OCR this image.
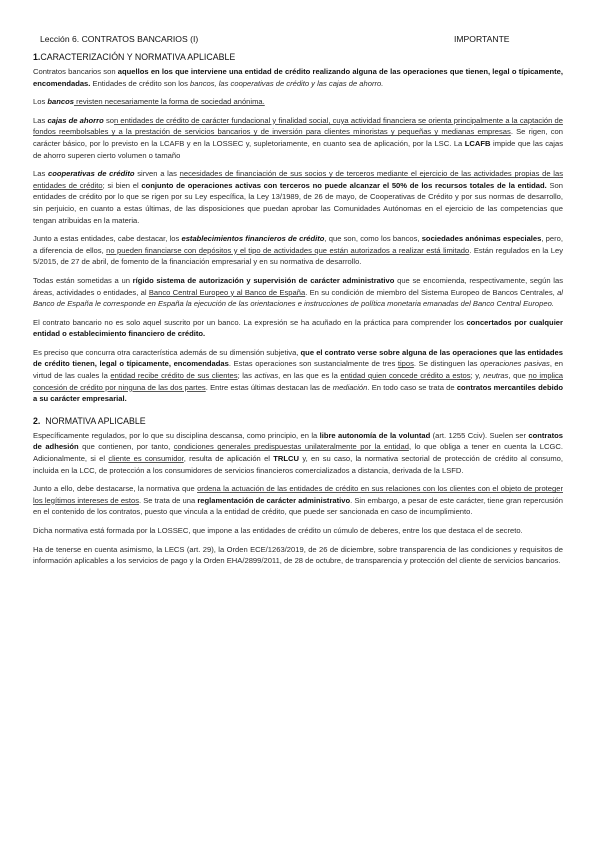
Lección 6. CONTRATOS BANCARIOS (I)	IMPORTANTE
1.CARACTERIZACIÓN Y NORMATIVA APLICABLE

Contratos bancarios son aquellos en los que interviene una entidad de crédito realizando alguna de las operaciones que tienen, legal o típicamente, encomendadas. Entidades de crédito son los bancos, las cooperativas de crédito y las cajas de ahorro.

Los bancos revisten necesariamente la forma de sociedad anónima.

Las cajas de ahorro son entidades de crédito de carácter fundacional y finalidad social, cuya actividad financiera se orienta principalmente a la captación de fondos reembolsables y a la prestación de servicios bancarios y de inversión para clientes minoristas y pequeñas y medianas empresas. Se rigen, con carácter básico, por lo previsto en la LCAFB y en la LOSSEC y, supletoriamente, en cuanto sea de aplicación, por la LSC. La LCAFB impide que las cajas de ahorro superen cierto volumen o tamaño

Las cooperativas de crédito sirven a las necesidades de financiación de sus socios y de terceros mediante el ejercicio de las actividades propias de las entidades de crédito; si bien el conjunto de operaciones activas con terceros no puede alcanzar el 50% de los recursos totales de la entidad. Son entidades de crédito por lo que se rigen por su Ley específica, la Ley 13/1989, de 26 de mayo, de Cooperativas de Crédito y por sus normas de desarrollo, sin perjuicio, en cuanto a estas últimas, de las disposiciones que puedan aprobar las Comunidades Autónomas en el ejercicio de las competencias que tengan atribuidas en la materia.

Junto a estas entidades, cabe destacar, los establecimientos financieros de crédito, que son, como los bancos, sociedades anónimas especiales, pero, a diferencia de ellos, no pueden financiarse con depósitos y el tipo de actividades que están autorizados a realizar está limitado. Están regulados en la Ley 5/2015, de 27 de abril, de fomento de la financiación empresarial y en su normativa de desarrollo.

Todas están sometidas a un rígido sistema de autorización y supervisión de carácter administrativo que se encomienda, respectivamente, según las áreas, actividades o entidades, al Banco Central Europeo y al Banco de España. En su condición de miembro del Sistema Europeo de Bancos Centrales, al Banco de España le corresponde en España la ejecución de las orientaciones e instrucciones de política monetaria emanadas del Banco Central Europeo.

El contrato bancario no es solo aquel suscrito por un banco. La expresión se ha acuñado en la práctica para comprender los concertados por cualquier entidad o establecimiento financiero de crédito.

Es preciso que concurra otra característica además de su dimensión subjetiva, que el contrato verse sobre alguna de las operaciones que las entidades de crédito tienen, legal o típicamente, encomendadas. Estas operaciones son sustancialmente de tres tipos. Se distinguen las operaciones pasivas, en virtud de las cuales la entidad recibe crédito de sus clientes; las activas, en las que es la entidad quien concede crédito a estos; y, neutras, que no implica concesión de crédito por ninguna de las dos partes. Entre estas últimas destacan las de mediación. En todo caso se trata de contratos mercantiles debido a su carácter empresarial.

2. NORMATIVA APLICABLE

Específicamente regulados, por lo que su disciplina descansa, como principio, en la libre autonomía de la voluntad (art. 1255 Cciv). Suelen ser contratos de adhesión que contienen, por tanto, condiciones generales predispuestas unilateralmente por la entidad, lo que obliga a tener en cuenta la LCGC. Adicionalmente, si el cliente es consumidor, resulta de aplicación el TRLCU y, en su caso, la normativa sectorial de protección de crédito al consumo, incluida en la LCC, de protección a los consumidores de servicios financieros comercializados a distancia, derivada de la LSFD.

Junto a ello, debe destacarse, la normativa que ordena la actuación de las entidades de crédito en sus relaciones con los clientes con el objeto de proteger los legítimos intereses de estos. Se trata de una reglamentación de carácter administrativo. Sin embargo, a pesar de este carácter, tiene gran repercusión en el contenido de los contratos, puesto que vincula a la entidad de crédito, que puede ser sancionada en caso de incumplimiento.

Dicha normativa está formada por la LOSSEC, que impone a las entidades de crédito un cúmulo de deberes, entre los que destaca el de secreto.

Ha de tenerse en cuenta asimismo, la LECS (art. 29), la Orden ECE/1263/2019, de 26 de diciembre, sobre transparencia de las condiciones y requisitos de información aplicables a los servicios de pago y la Orden EHA/2899/2011, de 28 de octubre, de transparencia y protección del cliente de servicios bancarios.
